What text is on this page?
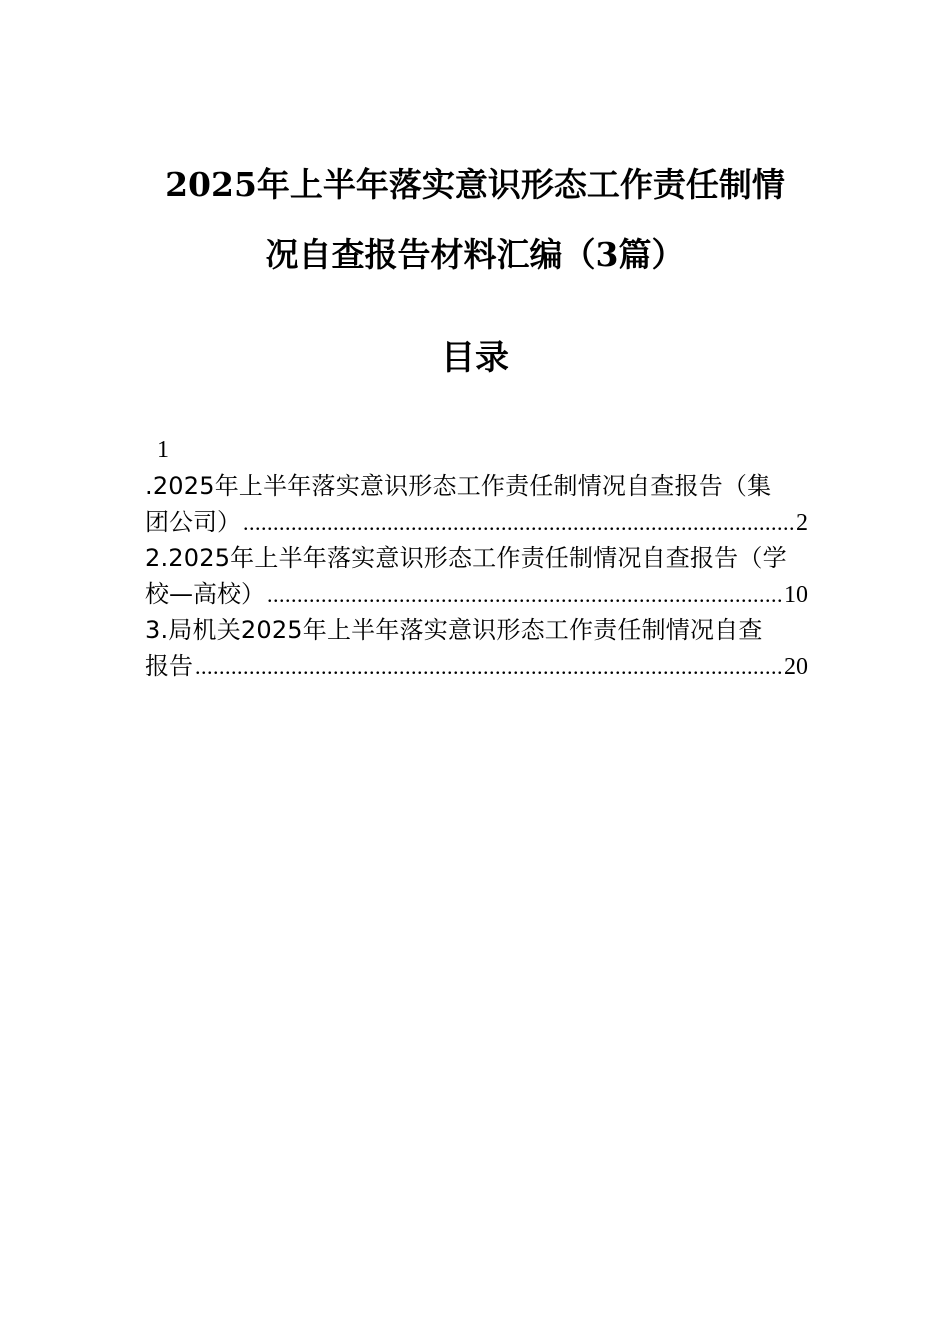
2025年上半年落实意识形态工作责任制情
况自查报告材料汇编（3篇）
目录
1
.2025年上半年落实意识形态工作责任制情况自查报告（集
团公司） .....	2
2.2025年上半年落实意识形态工作责任制情况自查报告（学
校—高校） .....	10
3.局机关2025年上半年落实意识形态工作责任制情况自查
报告 .....	20
